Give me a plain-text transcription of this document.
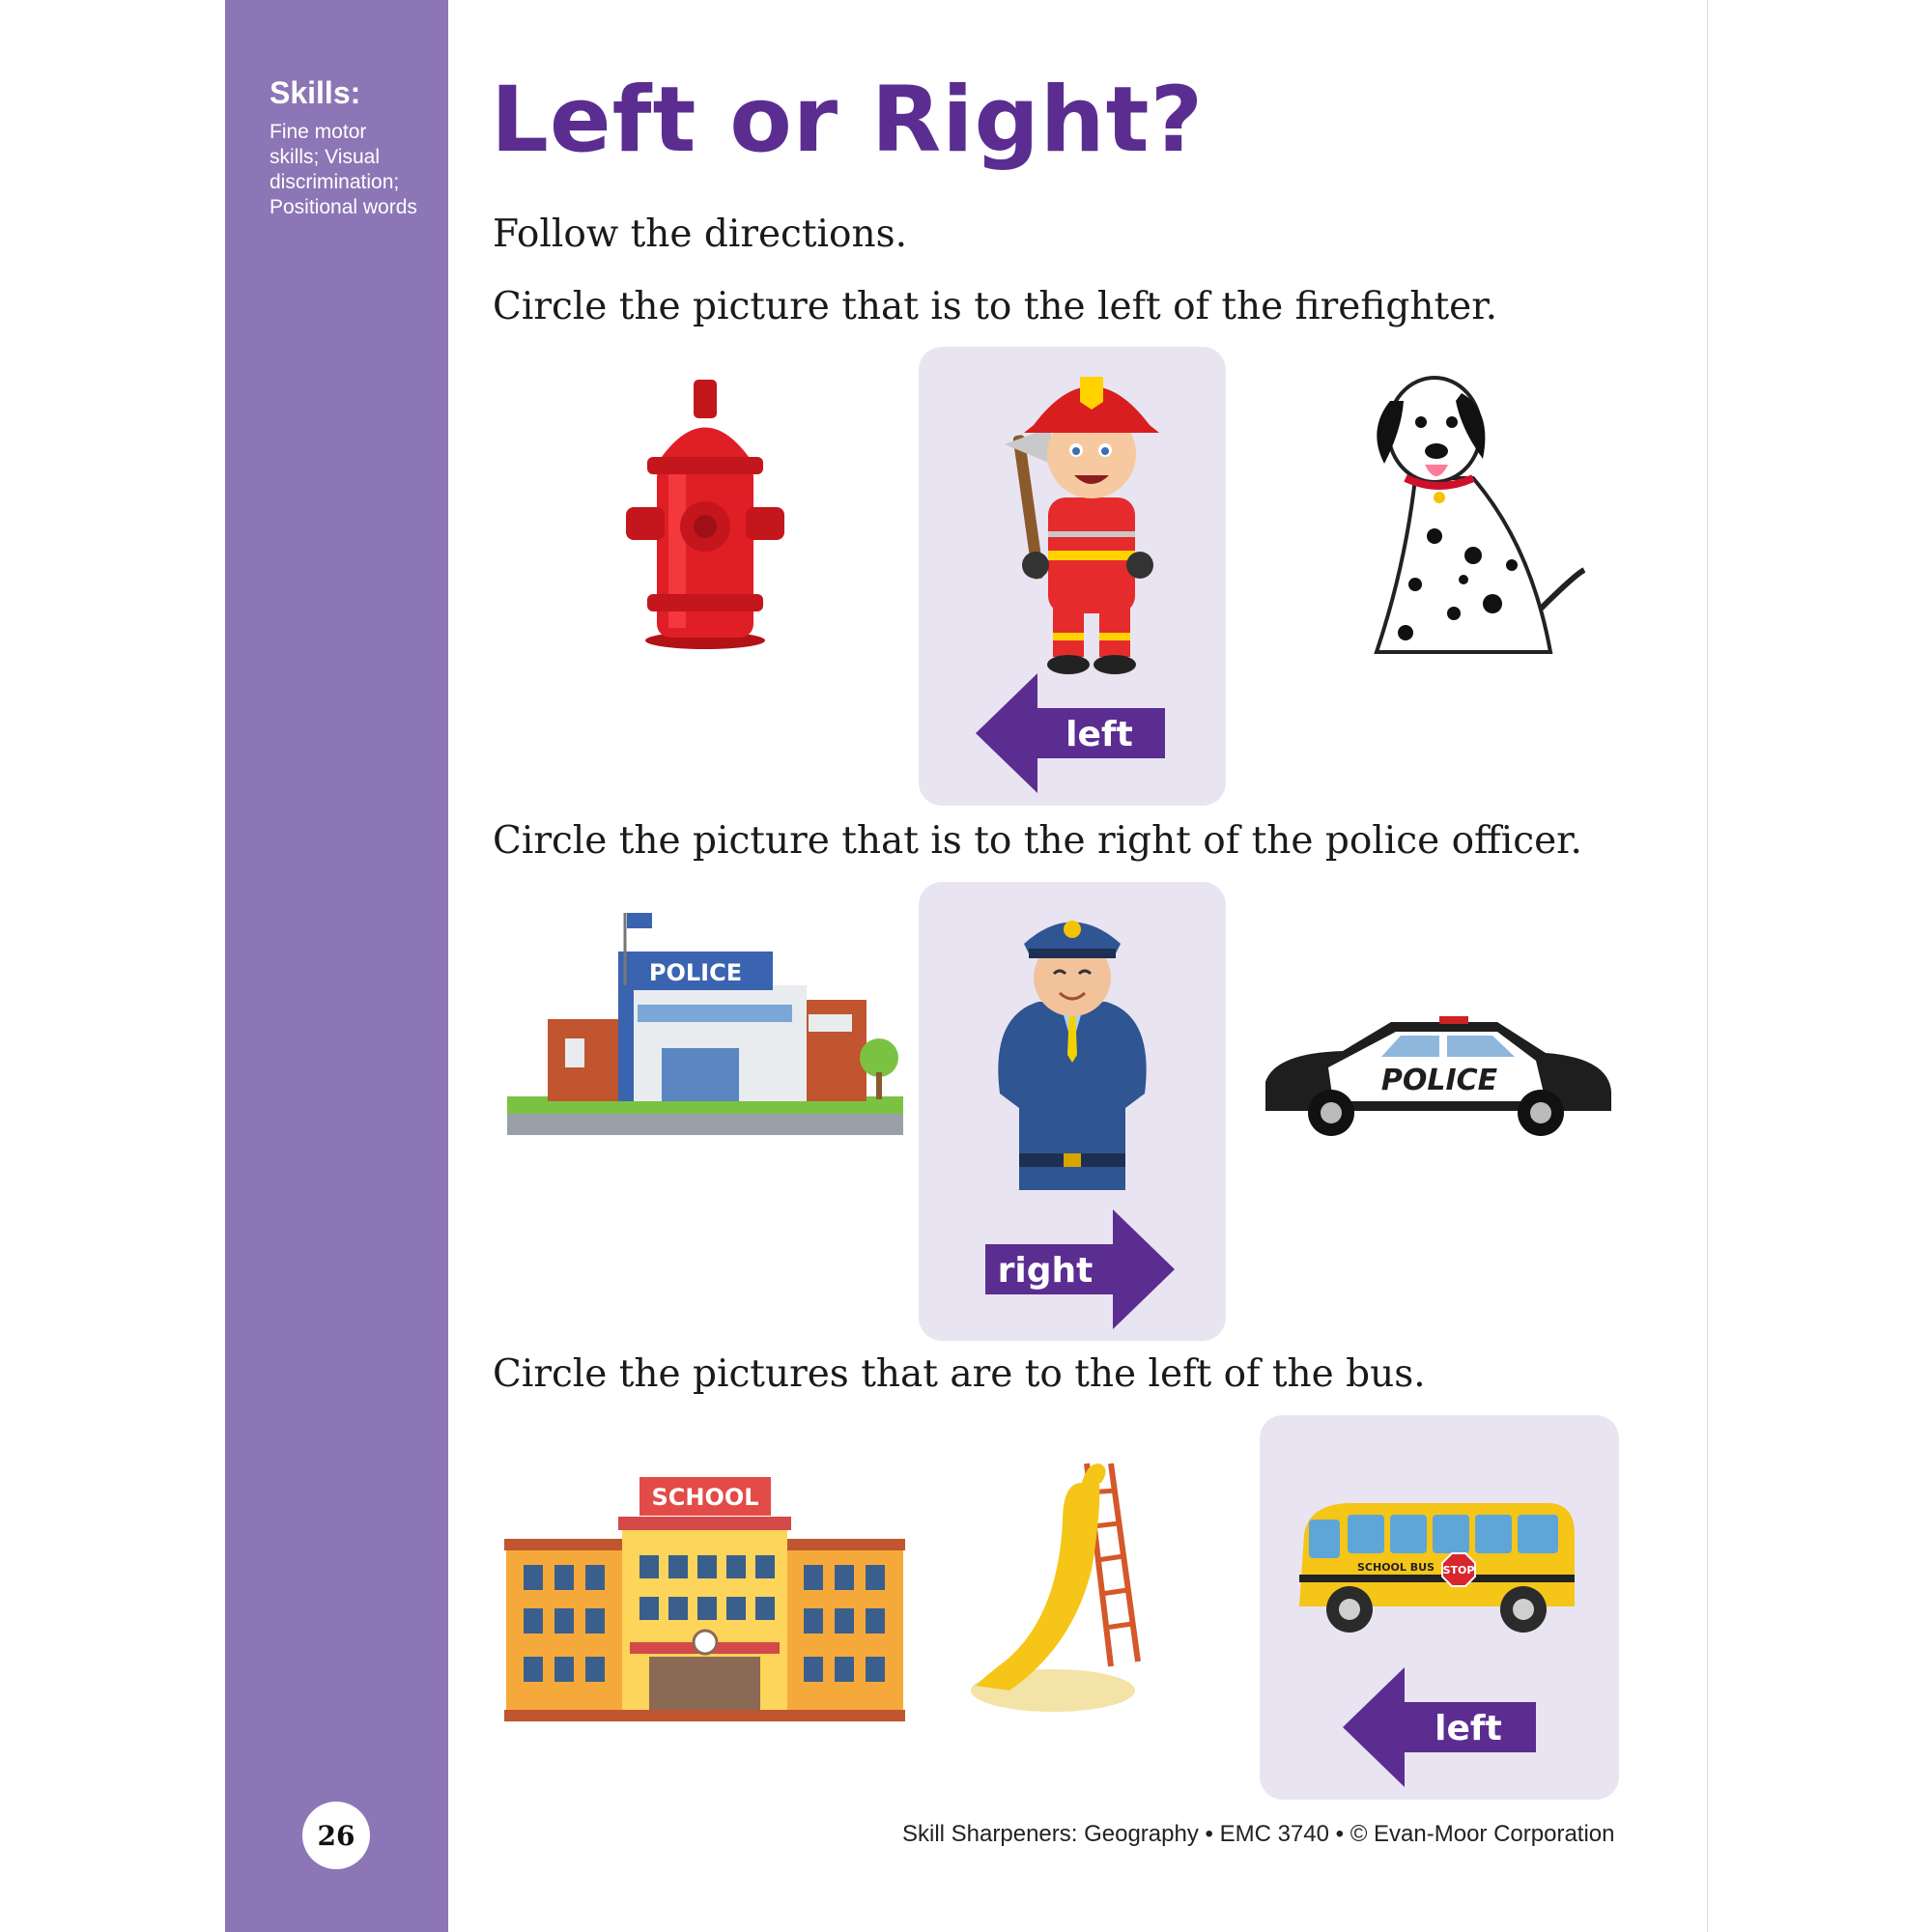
Skills:
Fine motor
skills; Visual
discrimination;
Positional words
26
Left or Right?
Follow the directions.
Circle the picture that is to the left of the firefighter.
Circle the picture that is to the right of the police officer.
Circle the pictures that are to the left of the bus.
left
POLICE
right
POLICE
SCHOOL
SCHOOL BUS STOP
left
Skill Sharpeners: Geography • EMC 3740 • © Evan-Moor Corporation
